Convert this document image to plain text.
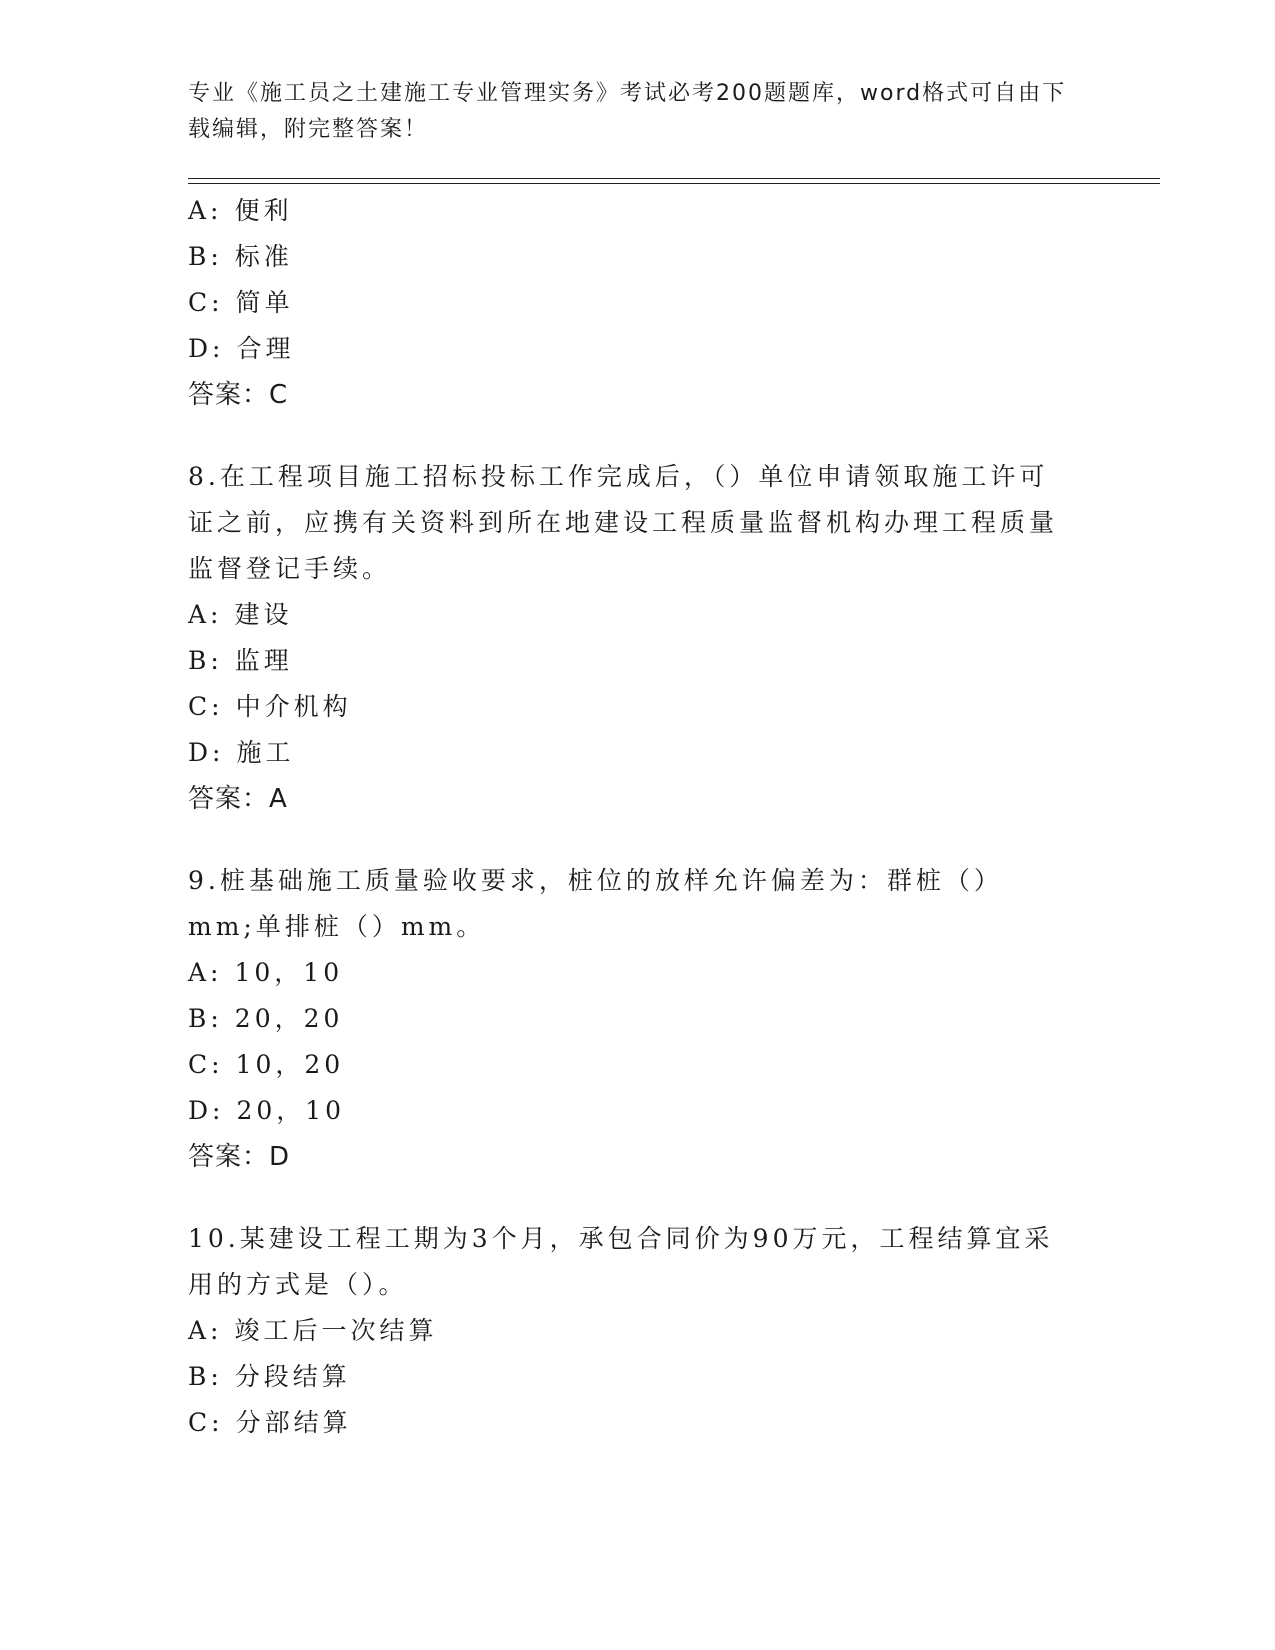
专业《施工员之土建施工专业管理实务》考试必考200题题库，word格式可自由下载编辑，附完整答案！
A: 便利
B: 标准
C: 简单
D: 合理
答案：C
8.在工程项目施工招标投标工作完成后，（）单位申请领取施工许可证之前，应携有关资料到所在地建设工程质量监督机构办理工程质量监督登记手续。
A: 建设
B: 监理
C: 中介机构
D: 施工
答案：A
9.桩基础施工质量验收要求，桩位的放样允许偏差为：群桩（）mm;单排桩（）mm。
A: 10，10
B: 20，20
C: 10，20
D: 20，10
答案：D
10.某建设工程工期为3个月，承包合同价为90万元，工程结算宜采用的方式是（）。
A: 竣工后一次结算
B: 分段结算
C: 分部结算
